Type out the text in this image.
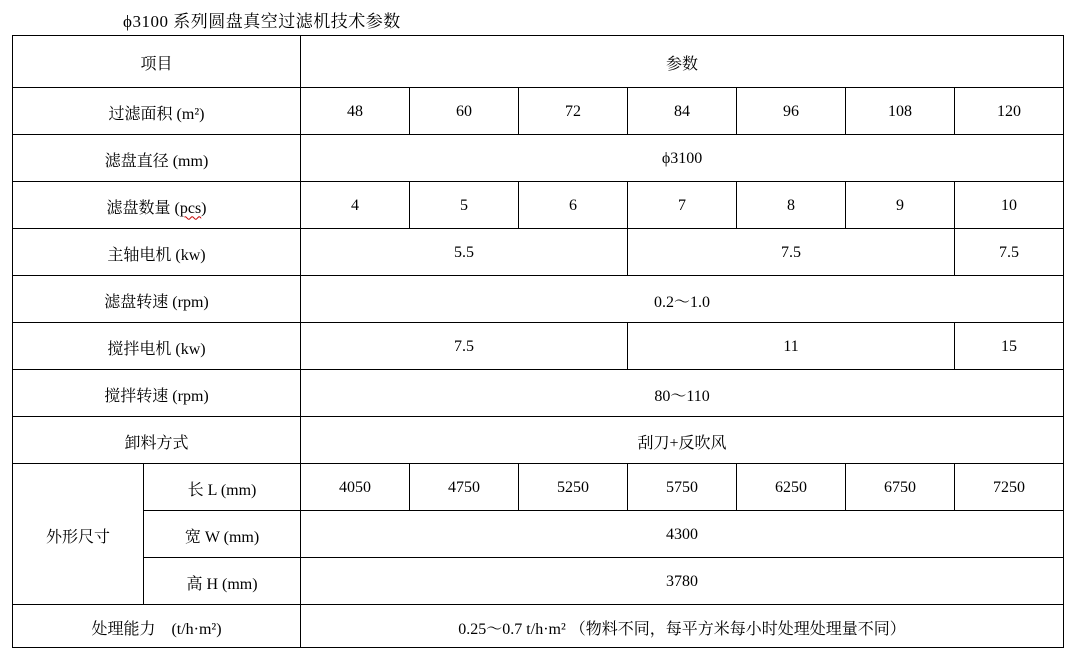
ϕ3100 系列圆盘真空过滤机技术参数
项目		参数						
过滤面积 (m²)		48	60	72	84	96	108	120
滤盘直径 (mm)		ϕ3100						
滤盘数量 (pcs)		4	5	6	7	8	9	10
主轴电机 (kw)		5.5			7.5			7.5
滤盘转速 (rpm)		0.2～1.0						
搅拌电机 (kw)		7.5			11			15
搅拌转速 (rpm)		80～110						
卸料方式		刮刀+反吹风						
外形尺寸	长 L (mm)	4050	4750	5250	5750	6250	6750	7250
	宽 W (mm)	4300						
	高 H (mm)	3780						
处理能力　(t/h·m²)		0.25～0.7 t/h·m² （物料不同，每平方米每小时处理处理量不同）						
